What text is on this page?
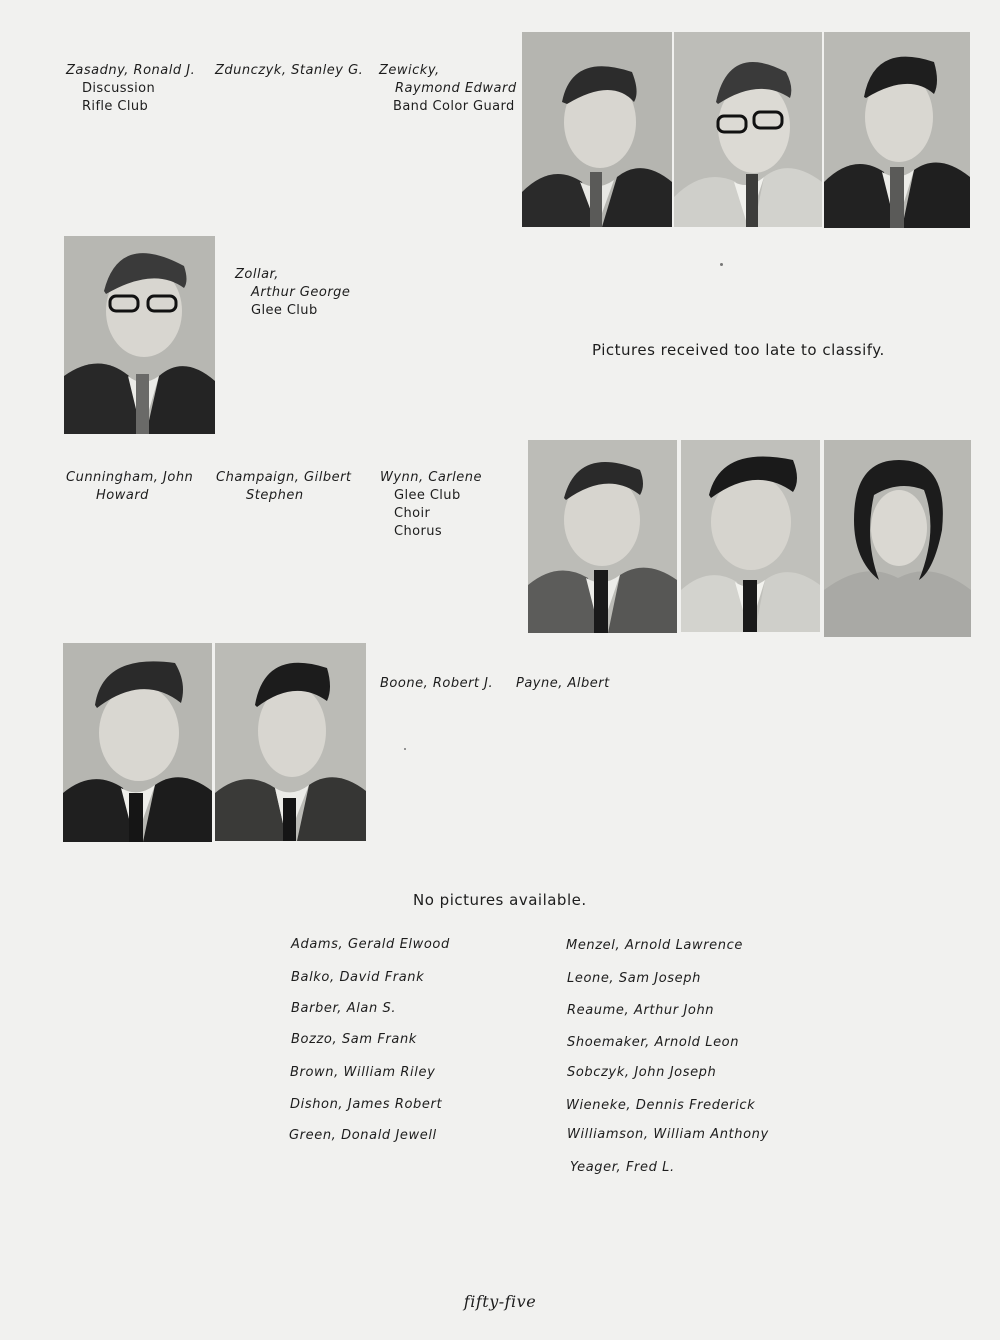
Zasadny, Ronald J.
Discussion
Rifle Club
Zdunczyk, Stanley G. Zewicky,
Raymond Edward
Band Color Guard
Zollar,
Arthur George
Glee Club
Pictures received too late to classify.
Cunningham, John
Howard
Champaign, Gilbert
Stephen
Wynn, Carlene
Glee Club
Choir
Chorus
Boone, Robert J. Payne, Albert
No pictures available.
Adams, Gerald Elwood
Balko, David Frank
Barber, Alan S.
Bozzo, Sam Frank
Brown, William Riley
Dishon, James Robert
Green, Donald Jewell
Menzel, Arnold Lawrence
Leone, Sam Joseph
Reaume, Arthur John
Shoemaker, Arnold Leon
Sobczyk, John Joseph
Wieneke, Dennis Frederick
Williamson, William Anthony
Yeager, Fred L.
fifty-five
